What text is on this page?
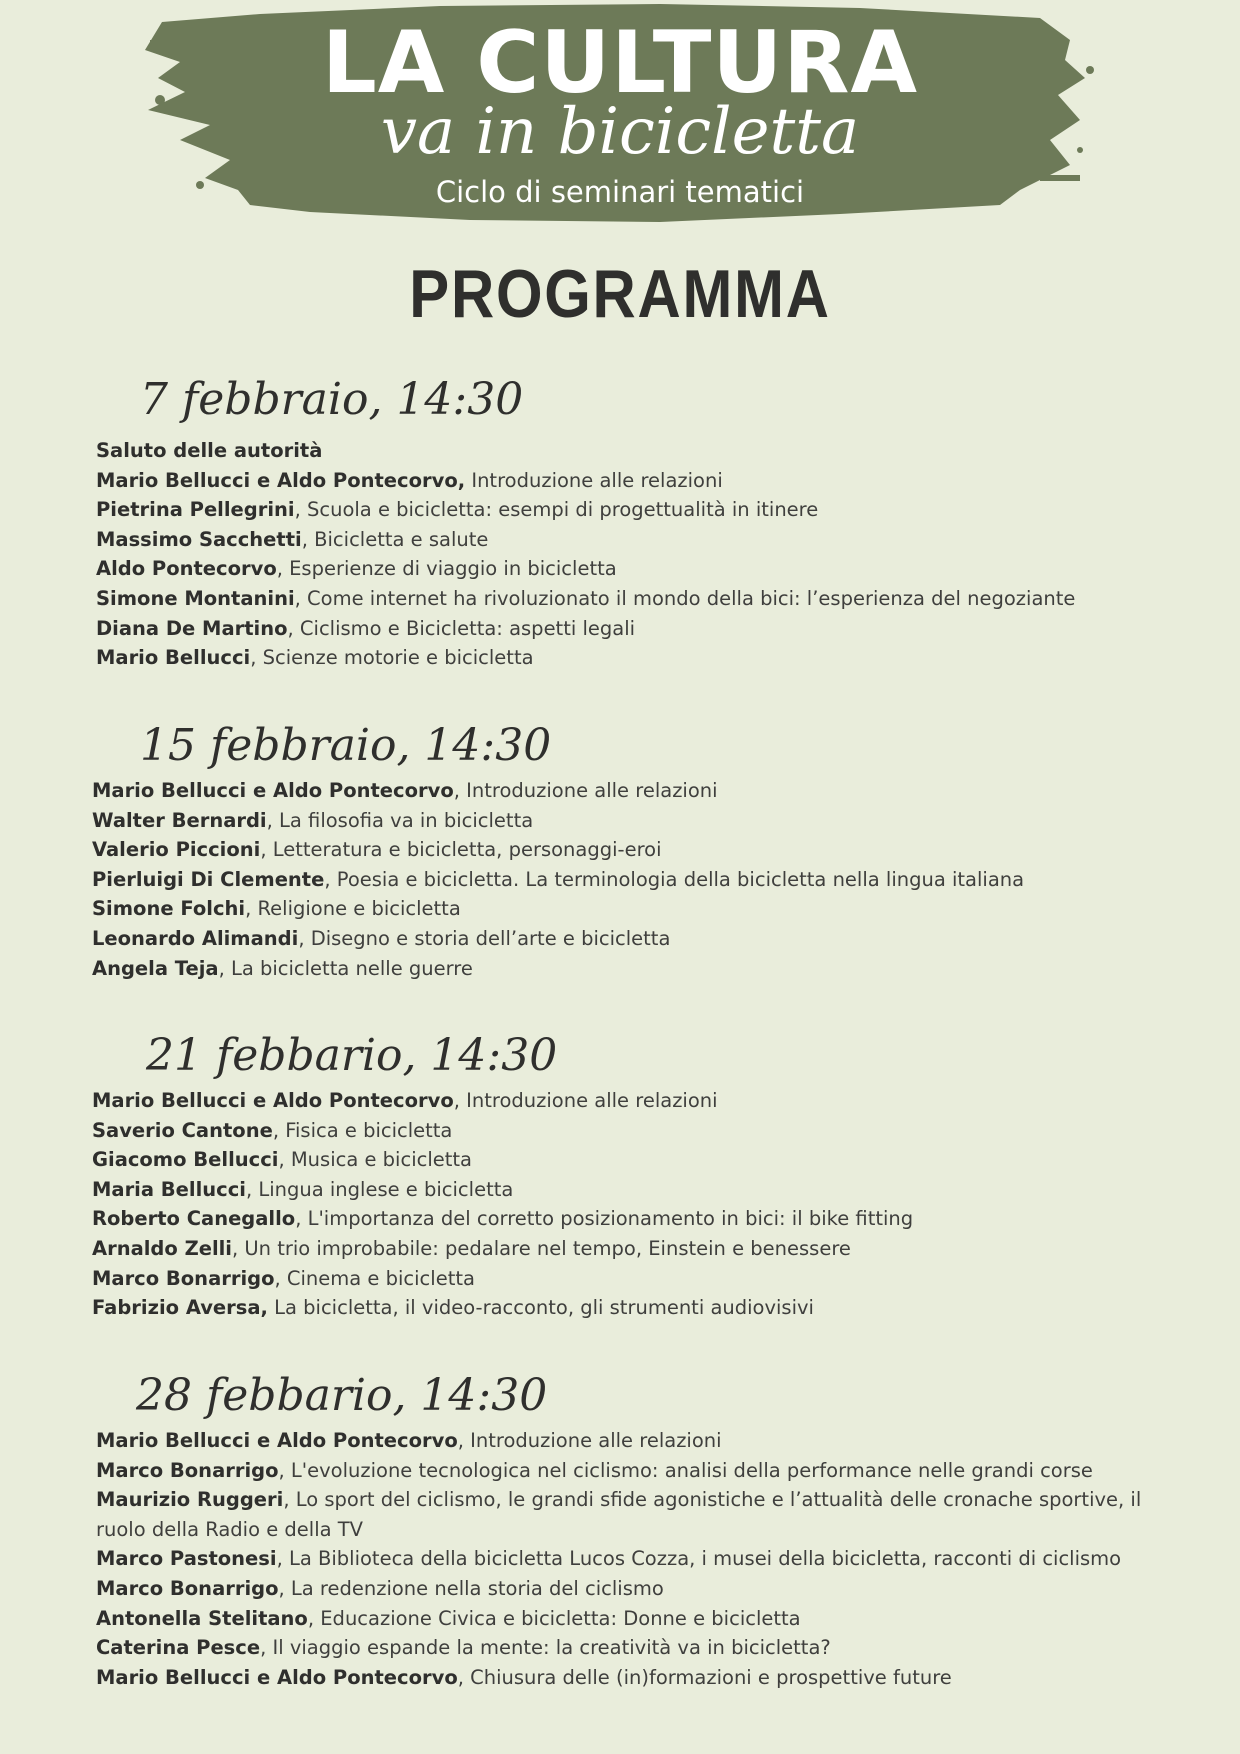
LA CULTURA
va in bicicletta
Ciclo di seminari tematici
PROGRAMMA
7 febbraio, 14:30
Saluto delle autorità
Mario Bellucci e Aldo Pontecorvo, Introduzione alle relazioni
Pietrina Pellegrini, Scuola e bicicletta: esempi di progettualità in itinere
Massimo Sacchetti, Bicicletta e salute
Aldo Pontecorvo, Esperienze di viaggio in bicicletta
Simone Montanini, Come internet ha rivoluzionato il mondo della bici: l’esperienza del negoziante
Diana De Martino, Ciclismo e Bicicletta: aspetti legali
Mario Bellucci, Scienze motorie e bicicletta
15 febbraio, 14:30
Mario Bellucci e Aldo Pontecorvo, Introduzione alle relazioni
Walter Bernardi, La filosofia va in bicicletta
Valerio Piccioni, Letteratura e bicicletta, personaggi-eroi
Pierluigi Di Clemente, Poesia e bicicletta. La terminologia della bicicletta nella lingua italiana
Simone Folchi, Religione e bicicletta
Leonardo Alimandi, Disegno e storia dell’arte e bicicletta
Angela Teja, La bicicletta nelle guerre
21 febbario, 14:30
Mario Bellucci e Aldo Pontecorvo, Introduzione alle relazioni
Saverio Cantone, Fisica e bicicletta
Giacomo Bellucci, Musica e bicicletta
Maria Bellucci, Lingua inglese e bicicletta
Roberto Canegallo, L'importanza del corretto posizionamento in bici: il bike fitting
Arnaldo Zelli, Un trio improbabile: pedalare nel tempo, Einstein e benessere
Marco Bonarrigo, Cinema e bicicletta
Fabrizio Aversa, La bicicletta, il video-racconto, gli strumenti audiovisivi
28 febbario, 14:30
Mario Bellucci e Aldo Pontecorvo, Introduzione alle relazioni
Marco Bonarrigo, L'evoluzione tecnologica nel ciclismo: analisi della performance nelle grandi corse
Maurizio Ruggeri, Lo sport del ciclismo, le grandi sfide agonistiche e l’attualità delle cronache sportive, il ruolo della Radio e della TV
Marco Pastonesi, La Biblioteca della bicicletta Lucos Cozza, i musei della bicicletta, racconti di ciclismo
Marco Bonarrigo, La redenzione nella storia del ciclismo
Antonella Stelitano, Educazione Civica e bicicletta: Donne e bicicletta
Caterina Pesce, Il viaggio espande la mente: la creatività va in bicicletta?
Mario Bellucci e Aldo Pontecorvo, Chiusura delle (in)formazioni e prospettive future
